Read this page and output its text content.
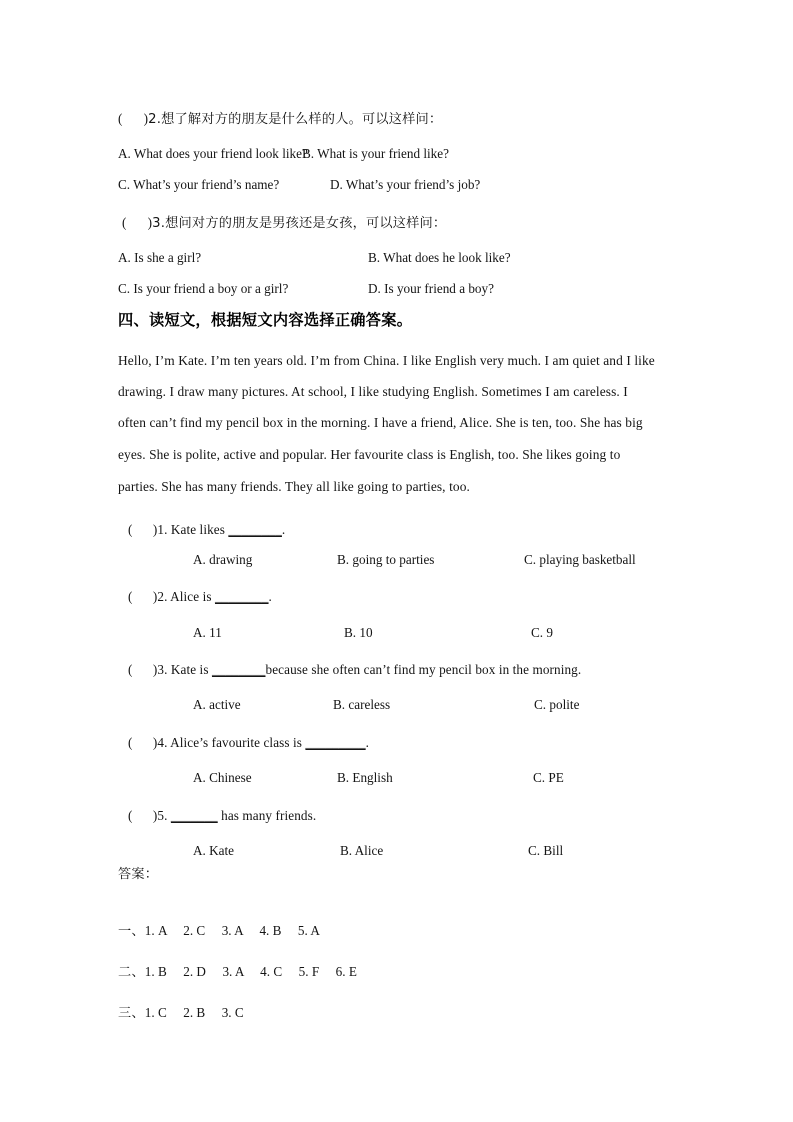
(      )2.想了解对方的朋友是什么样的人。可以这样问：
A. What does your friend look like?
B. What is your friend like?
C. What’s your friend’s name?	D. What’s your friend’s job?
(      )3.想问对方的朋友是男孩还是女孩，可以这样问：
A. Is she a girl?	B. What does he look like?
C. Is your friend a boy or a girl?	D. Is your friend a boy?
四、读短文，根据短文内容选择正确答案。
Hello, I’m Kate. I’m ten years old. I’m from China. I like English very much. I am quiet and I like
drawing. I draw many pictures. At school, I like studying English. Sometimes I am careless. I
often can’t find my pencil box in the morning. I have a friend, Alice. She is ten, too. She has big
eyes. She is polite, active and popular. Her favourite class is English, too. She likes going to
parties. She has many friends. They all like going to parties, too.
(      )1. Kate likes ________.
A. drawing	B. going to parties	C. playing basketball
(      )2. Alice is ________.
A. 11	B. 10	C. 9
(      )3. Kate is ________because she often can’t find my pencil box in the morning.
A. active	B. careless	C. polite
(      )4. Alice’s favourite class is _________.
A. Chinese	B. English	C. PE
(      )5. _______ has many friends.
A. Kate	B. Alice	C. Bill
答案：
一、1. A     2. C     3. A     4. B     5. A
二、1. B     2. D     3. A     4. C     5. F     6. E
三、1. C     2. B     3. C
